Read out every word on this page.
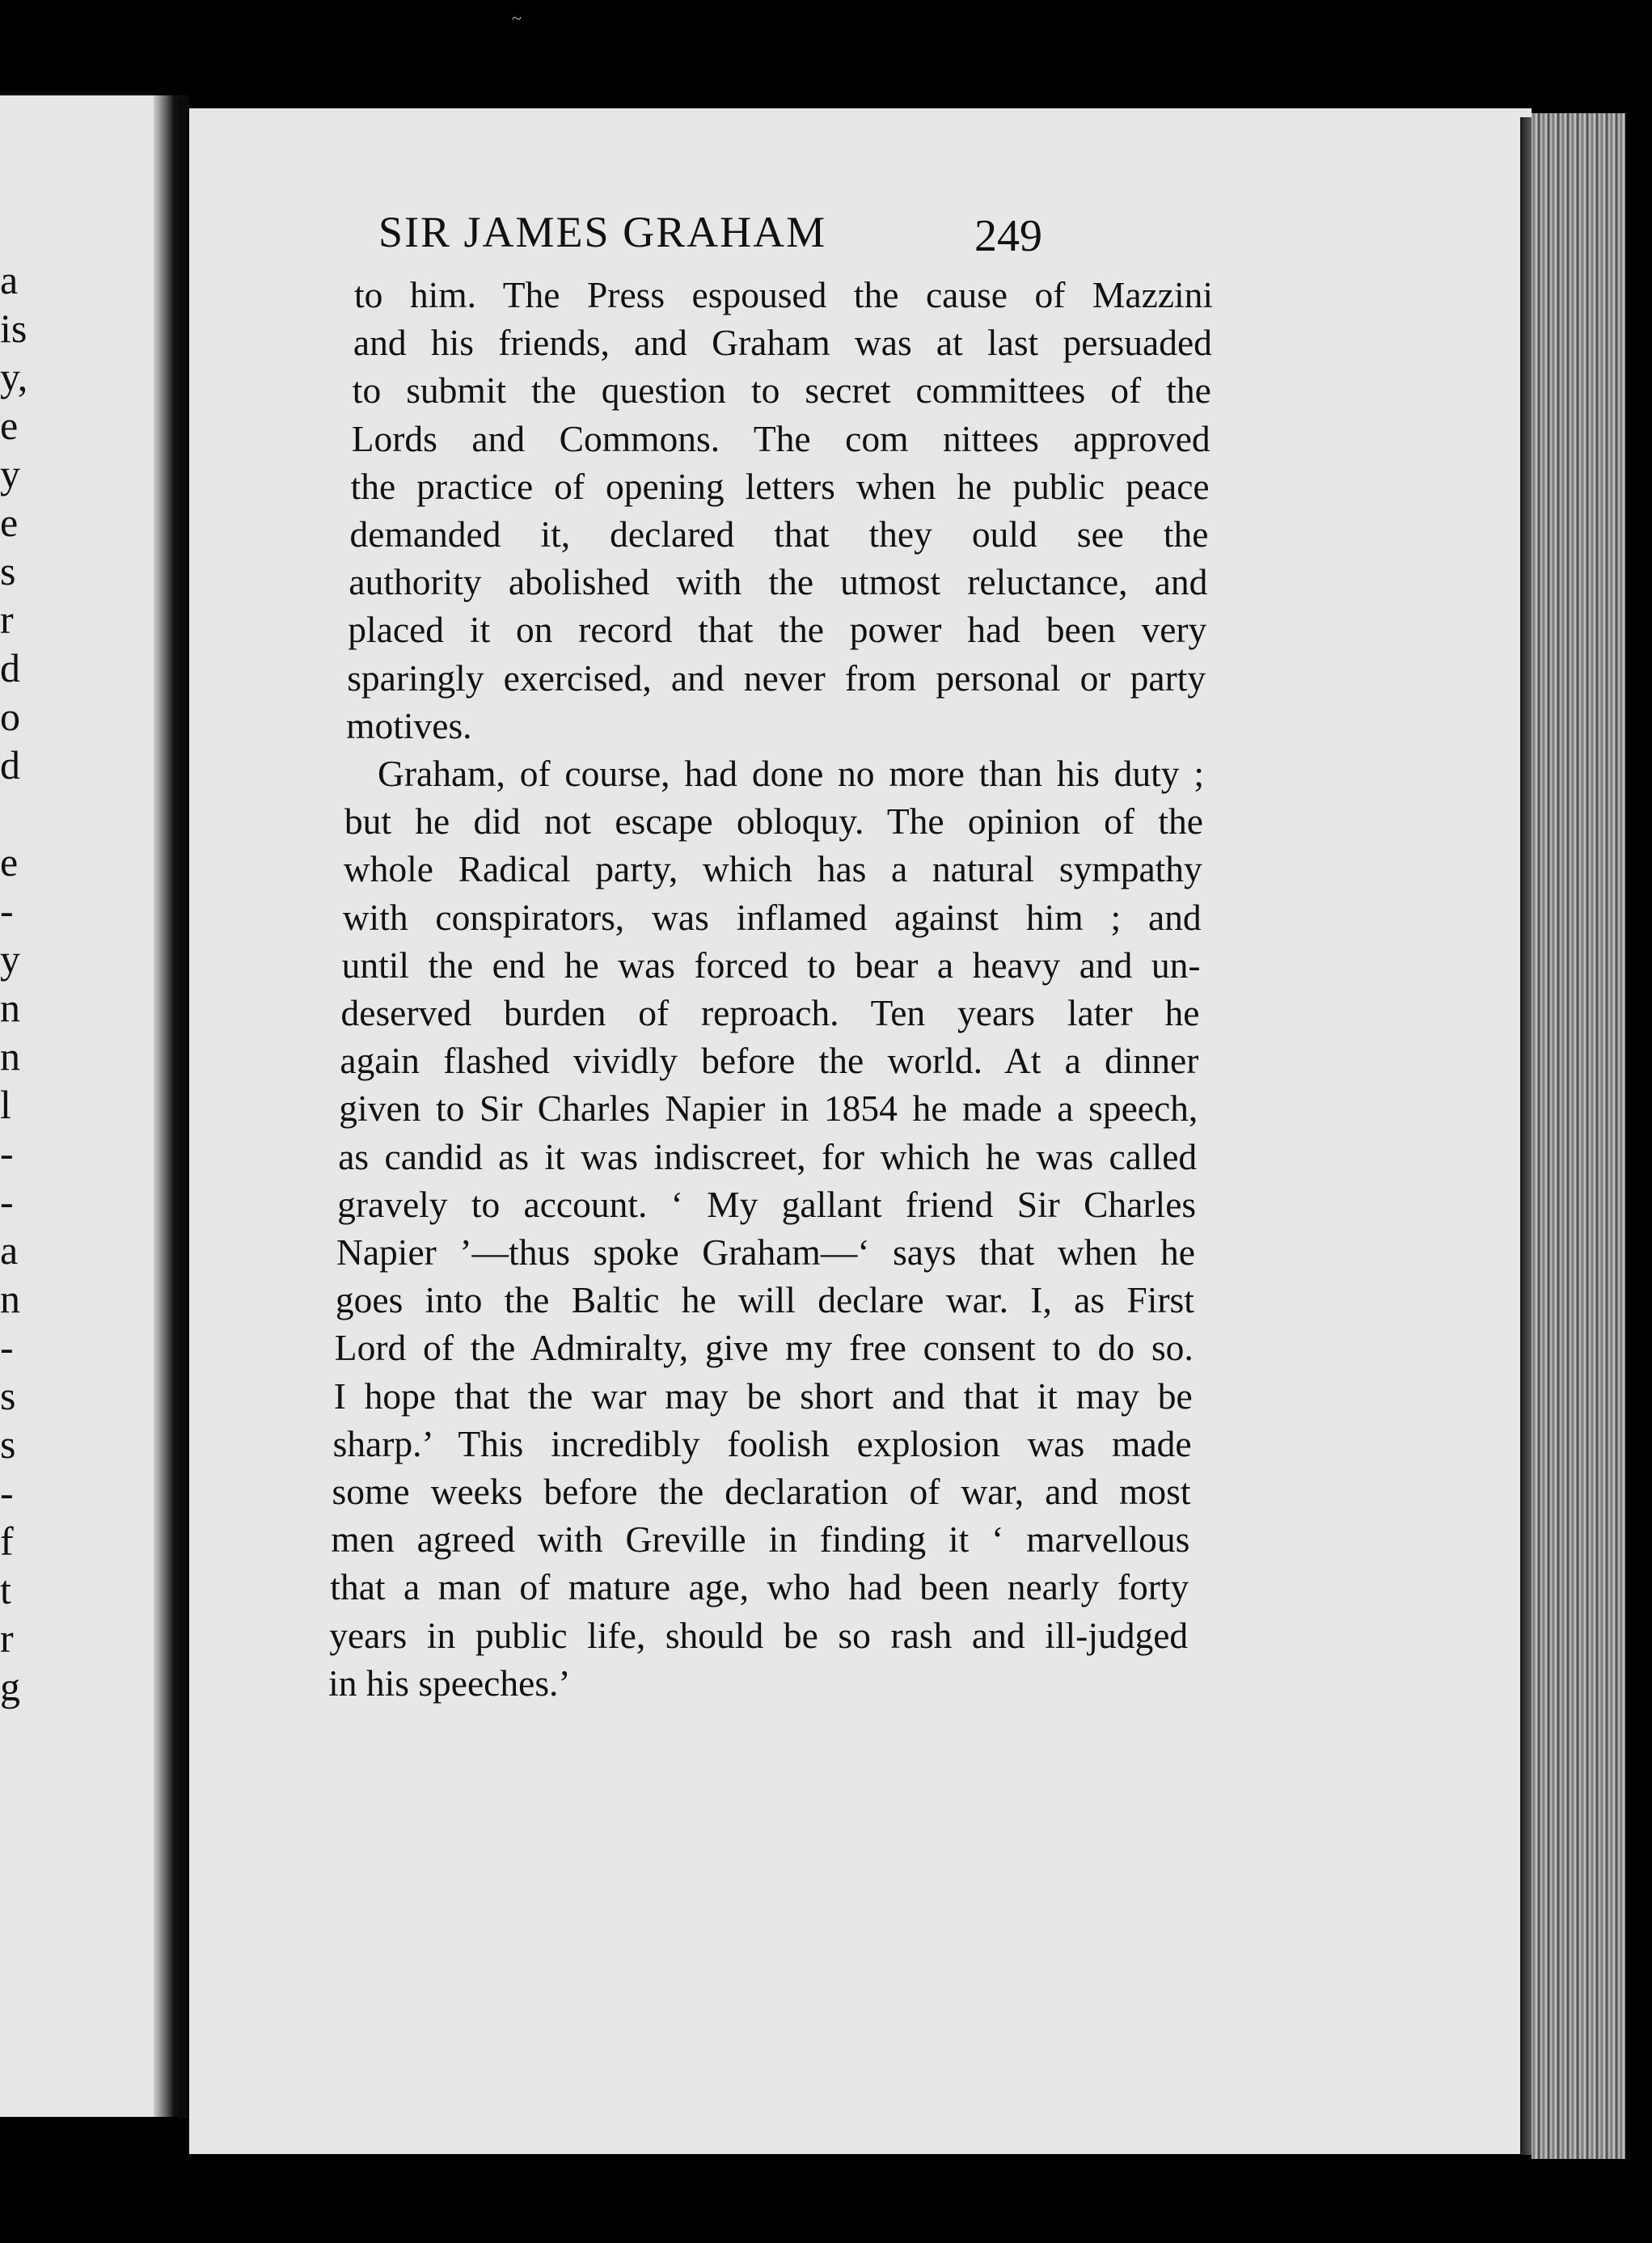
a
is
y,
e
y
e
s
r
d
o
d
e
-
y
n
n
l
-
-
a
n
-
s
s
-
f
t
r
g
~
SIR JAMES GRAHAM	249
to him. The Press espoused the cause of Mazzini
and his friends, and Graham was at last persuaded
to submit the question to secret committees of the
Lords and Commons. The com nittees approved
the practice of opening letters when he public peace
demanded it, declared that they ould see the
authority abolished with the utmost reluctance, and
placed it on record that the power had been very
sparingly exercised, and never from personal or party
motives.
Graham, of course, had done no more than his duty ;
but he did not escape obloquy. The opinion of the
whole Radical party, which has a natural sympathy
with conspirators, was inflamed against him ; and
until the end he was forced to bear a heavy and un-
deserved burden of reproach. Ten years later he
again flashed vividly before the world. At a dinner
given to Sir Charles Napier in 1854 he made a speech,
as candid as it was indiscreet, for which he was called
gravely to account. ‘ My gallant friend Sir Charles
Napier ’—thus spoke Graham—‘ says that when he
goes into the Baltic he will declare war. I, as First
Lord of the Admiralty, give my free consent to do so.
I hope that the war may be short and that it may be
sharp.’ This incredibly foolish explosion was made
some weeks before the declaration of war, and most
men agreed with Greville in finding it ‘ marvellous
that a man of mature age, who had been nearly forty
years in public life, should be so rash and ill-judged
in his speeches.’
